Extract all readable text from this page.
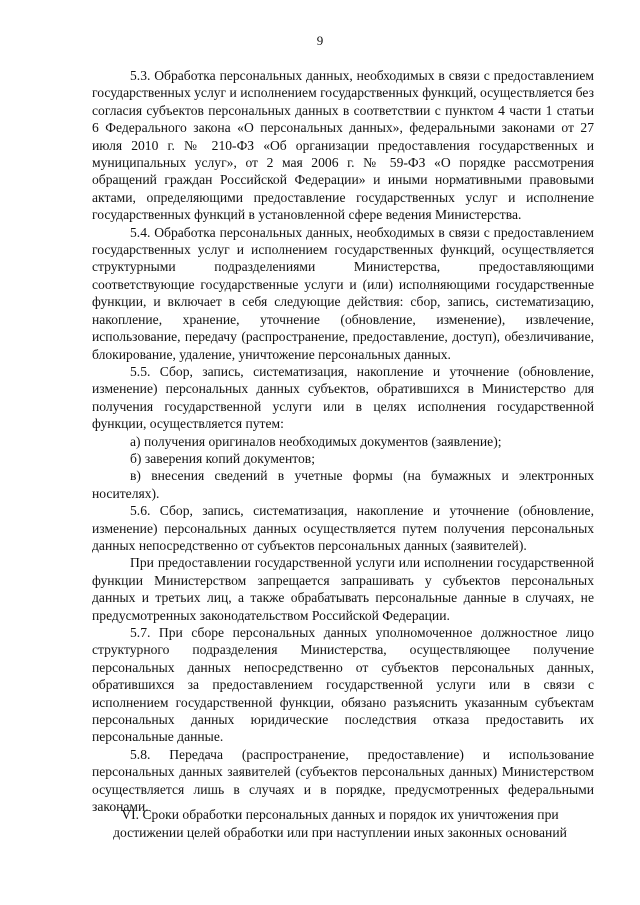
9

5.3. Обработка персональных данных, необходимых в связи с предоставлением государственных услуг и исполнением государственных функций, осуществляется без согласия субъектов персональных данных в соответствии с пунктом 4 части 1 статьи 6 Федерального закона «О персональных данных», федеральными законами от 27 июля 2010 г. № 210-ФЗ «Об организации предоставления государственных и муниципальных услуг», от 2 мая 2006 г. № 59-ФЗ «О порядке рассмотрения обращений граждан Российской Федерации» и иными нормативными правовыми актами, определяющими предоставление государственных услуг и исполнение государственных функций в установленной сфере ведения Министерства.

5.4. Обработка персональных данных, необходимых в связи с предоставлением государственных услуг и исполнением государственных функций, осуществляется структурными подразделениями Министерства, предоставляющими соответствующие государственные услуги и (или) исполняющими государственные функции, и включает в себя следующие действия: сбор, запись, систематизацию, накопление, хранение, уточнение (обновление, изменение), извлечение, использование, передачу (распространение, предоставление, доступ), обезличивание, блокирование, удаление, уничтожение персональных данных.

5.5. Сбор, запись, систематизация, накопление и уточнение (обновление, изменение) персональных данных субъектов, обратившихся в Министерство для получения государственной услуги или в целях исполнения государственной функции, осуществляется путем:

а) получения оригиналов необходимых документов (заявление);

б) заверения копий документов;

в) внесения сведений в учетные формы (на бумажных и электронных носителях).

5.6. Сбор, запись, систематизация, накопление и уточнение (обновление, изменение) персональных данных осуществляется путем получения персональных данных непосредственно от субъектов персональных данных (заявителей).

При предоставлении государственной услуги или исполнении государственной функции Министерством запрещается запрашивать у субъектов персональных данных и третьих лиц, а также обрабатывать персональные данные в случаях, не предусмотренных законодательством Российской Федерации.

5.7. При сборе персональных данных уполномоченное должностное лицо структурного подразделения Министерства, осуществляющее получение персональных данных непосредственно от субъектов персональных данных, обратившихся за предоставлением государственной услуги или в связи с исполнением государственной функции, обязано разъяснить указанным субъектам персональных данных юридические последствия отказа предоставить их персональные данные.

5.8. Передача (распространение, предоставление) и использование персональных данных заявителей (субъектов персональных данных) Министерством осуществляется лишь в случаях и в порядке, предусмотренных федеральными законами.

VI. Сроки обработки персональных данных и порядок их уничтожения при
достижении целей обработки или при наступлении иных законных оснований
